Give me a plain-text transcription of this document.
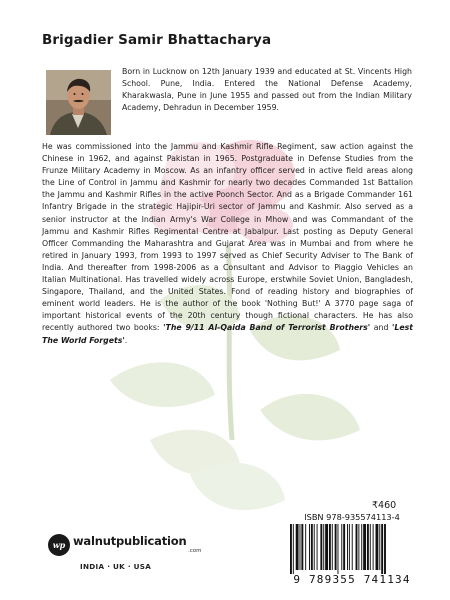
Brigadier Samir Bhattacharya
Born in Lucknow on 12th January 1939 and educated at St. Vincents High School. Pune, India. Entered the National Defense Academy, Kharakwasla, Pune in June 1955 and passed out from the Indian Military Academy, Dehradun in December 1959.
He was commissioned into the Jammu and Kashmir Rifle Regiment, saw action against the Chinese in 1962, and against Pakistan in 1965. Postgraduate in Defense Studies from the Frunze Military Academy in Moscow. As an infantry officer served in active field areas along the Line of Control in Jammu and Kashmir for nearly two decades Commanded 1st Battalion the Jammu and Kashmir Rifles in the active Poonch Sector. And as a Brigade Commander 161 Infantry Brigade in the strategic Hajipir-Uri sector of Jammu and Kashmir. Also served as a senior instructor at the Indian Army's War College in Mhow and was Commandant of the Jammu and Kashmir Rifles Regimental Centre at Jabalpur. Last posting as Deputy General Officer Commanding the Maharashtra and Gujarat Area was in Mumbai and from where he retired in January 1993, from 1993 to 1997 served as Chief Security Adviser to The Bank of India. And thereafter from 1998-2006 as a Consultant and Advisor to Piaggio Vehicles an Italian Multinational. Has travelled widely across Europe, erstwhile Soviet Union, Bangladesh, Singapore, Thailand, and the United States. Fond of reading history and biographies of eminent world leaders. He is the author of the book 'Nothing But!' A 3770 page saga of important historical events of the 20th century though fictional characters. He has also recently authored two books: 'The 9/11 Al-Qaida Band of Terrorist Brothers' and 'Lest The World Forgets'.
₹460
wp walnutpublication
.com
INDIA · UK · USA
ISBN 978-935574113-4
9 789355 741134
